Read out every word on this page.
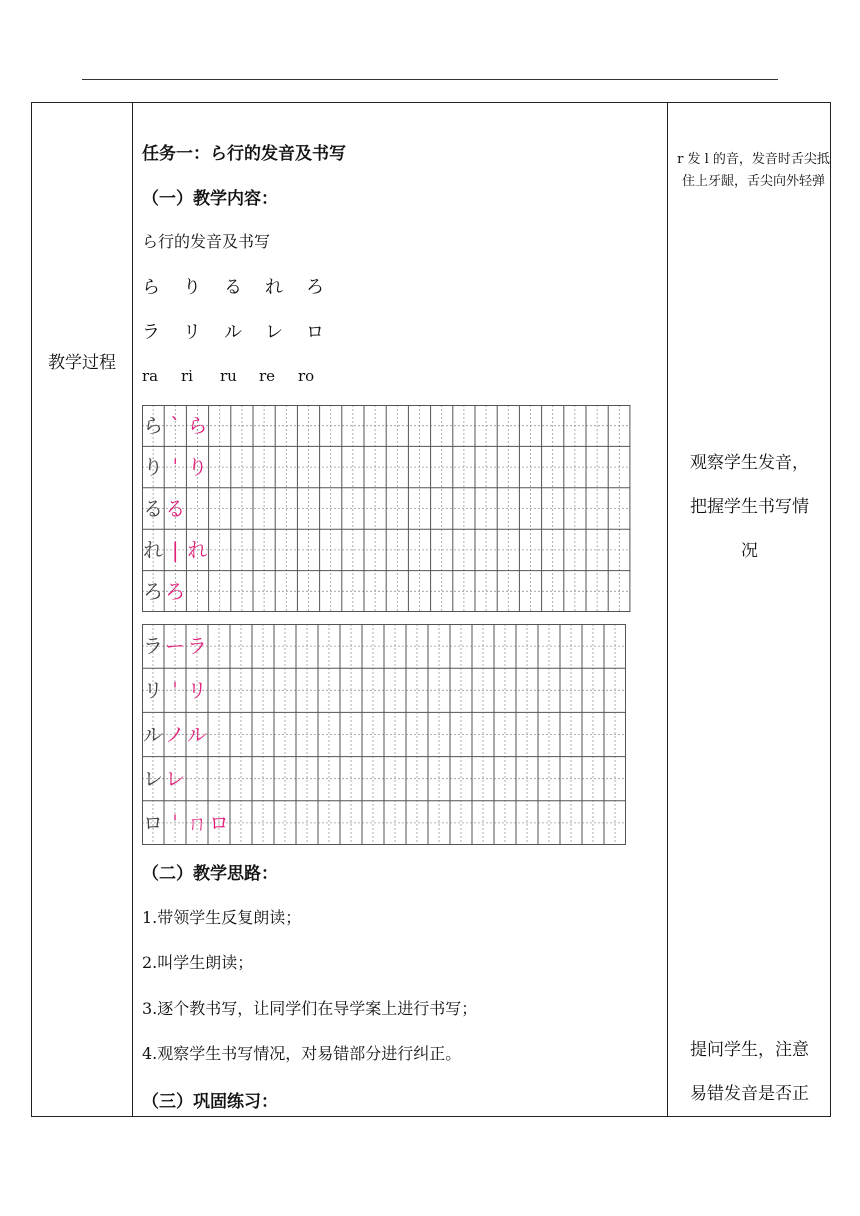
教学过程
任务一：ら行的发音及书写
（一）教学内容：
ら行的发音及书写
ら り る れ ろ
ラ リ ル レ ロ
ra ri ru re ro
ら ˋ ら
り ˈ り
る る
れ | れ
ろ ろ
ラ ー ラ
リ ˈ リ
ル ノ ル
レ レ
ロ ˈ ㄇ ロ
（二）教学思路：
1.带领学生反复朗读；
2.叫学生朗读；
3.逐个教书写，让同学们在导学案上进行书写；
4.观察学生书写情况，对易错部分进行纠正。
（三）巩固练习：
r 发 l 的音，发音时舌尖抵住上牙龈，舌尖向外轻弹
观察学生发音，
把握学生书写情
况
提问学生，注意
易错发音是否正
